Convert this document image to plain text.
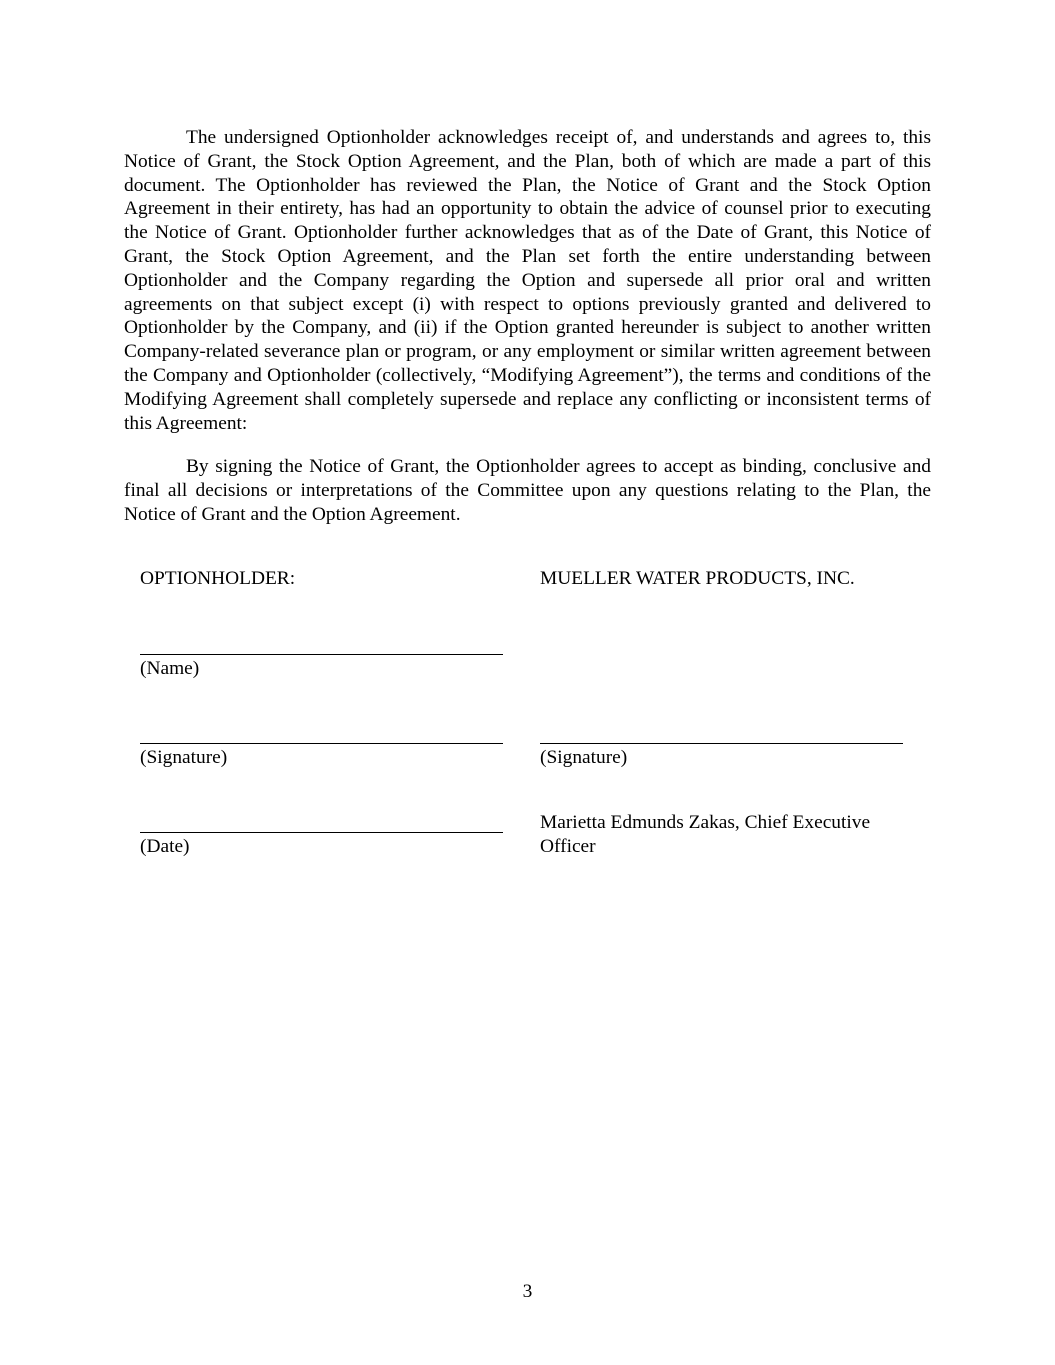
The undersigned Optionholder acknowledges receipt of, and understands and agrees to, this Notice of Grant, the Stock Option Agreement, and the Plan, both of which are made a part of this document. The Optionholder has reviewed the Plan, the Notice of Grant and the Stock Option Agreement in their entirety, has had an opportunity to obtain the advice of counsel prior to executing the Notice of Grant. Optionholder further acknowledges that as of the Date of Grant, this Notice of Grant, the Stock Option Agreement, and the Plan set forth the entire understanding between Optionholder and the Company regarding the Option and supersede all prior oral and written agreements on that subject except (i) with respect to options previously granted and delivered to Optionholder by the Company, and (ii) if the Option granted hereunder is subject to another written Company-related severance plan or program, or any employment or similar written agreement between the Company and Optionholder (collectively, “Modifying Agreement”), the terms and conditions of the Modifying Agreement shall completely supersede and replace any conflicting or inconsistent terms of this Agreement:

By signing the Notice of Grant, the Optionholder agrees to accept as binding, conclusive and final all decisions or interpretations of the Committee upon any questions relating to the Plan, the Notice of Grant and the Option Agreement.

OPTIONHOLDER:
(Name)
(Signature)
(Date)
MUELLER WATER PRODUCTS, INC.
(Signature)
Marietta Edmunds Zakas, Chief Executive Officer
3
